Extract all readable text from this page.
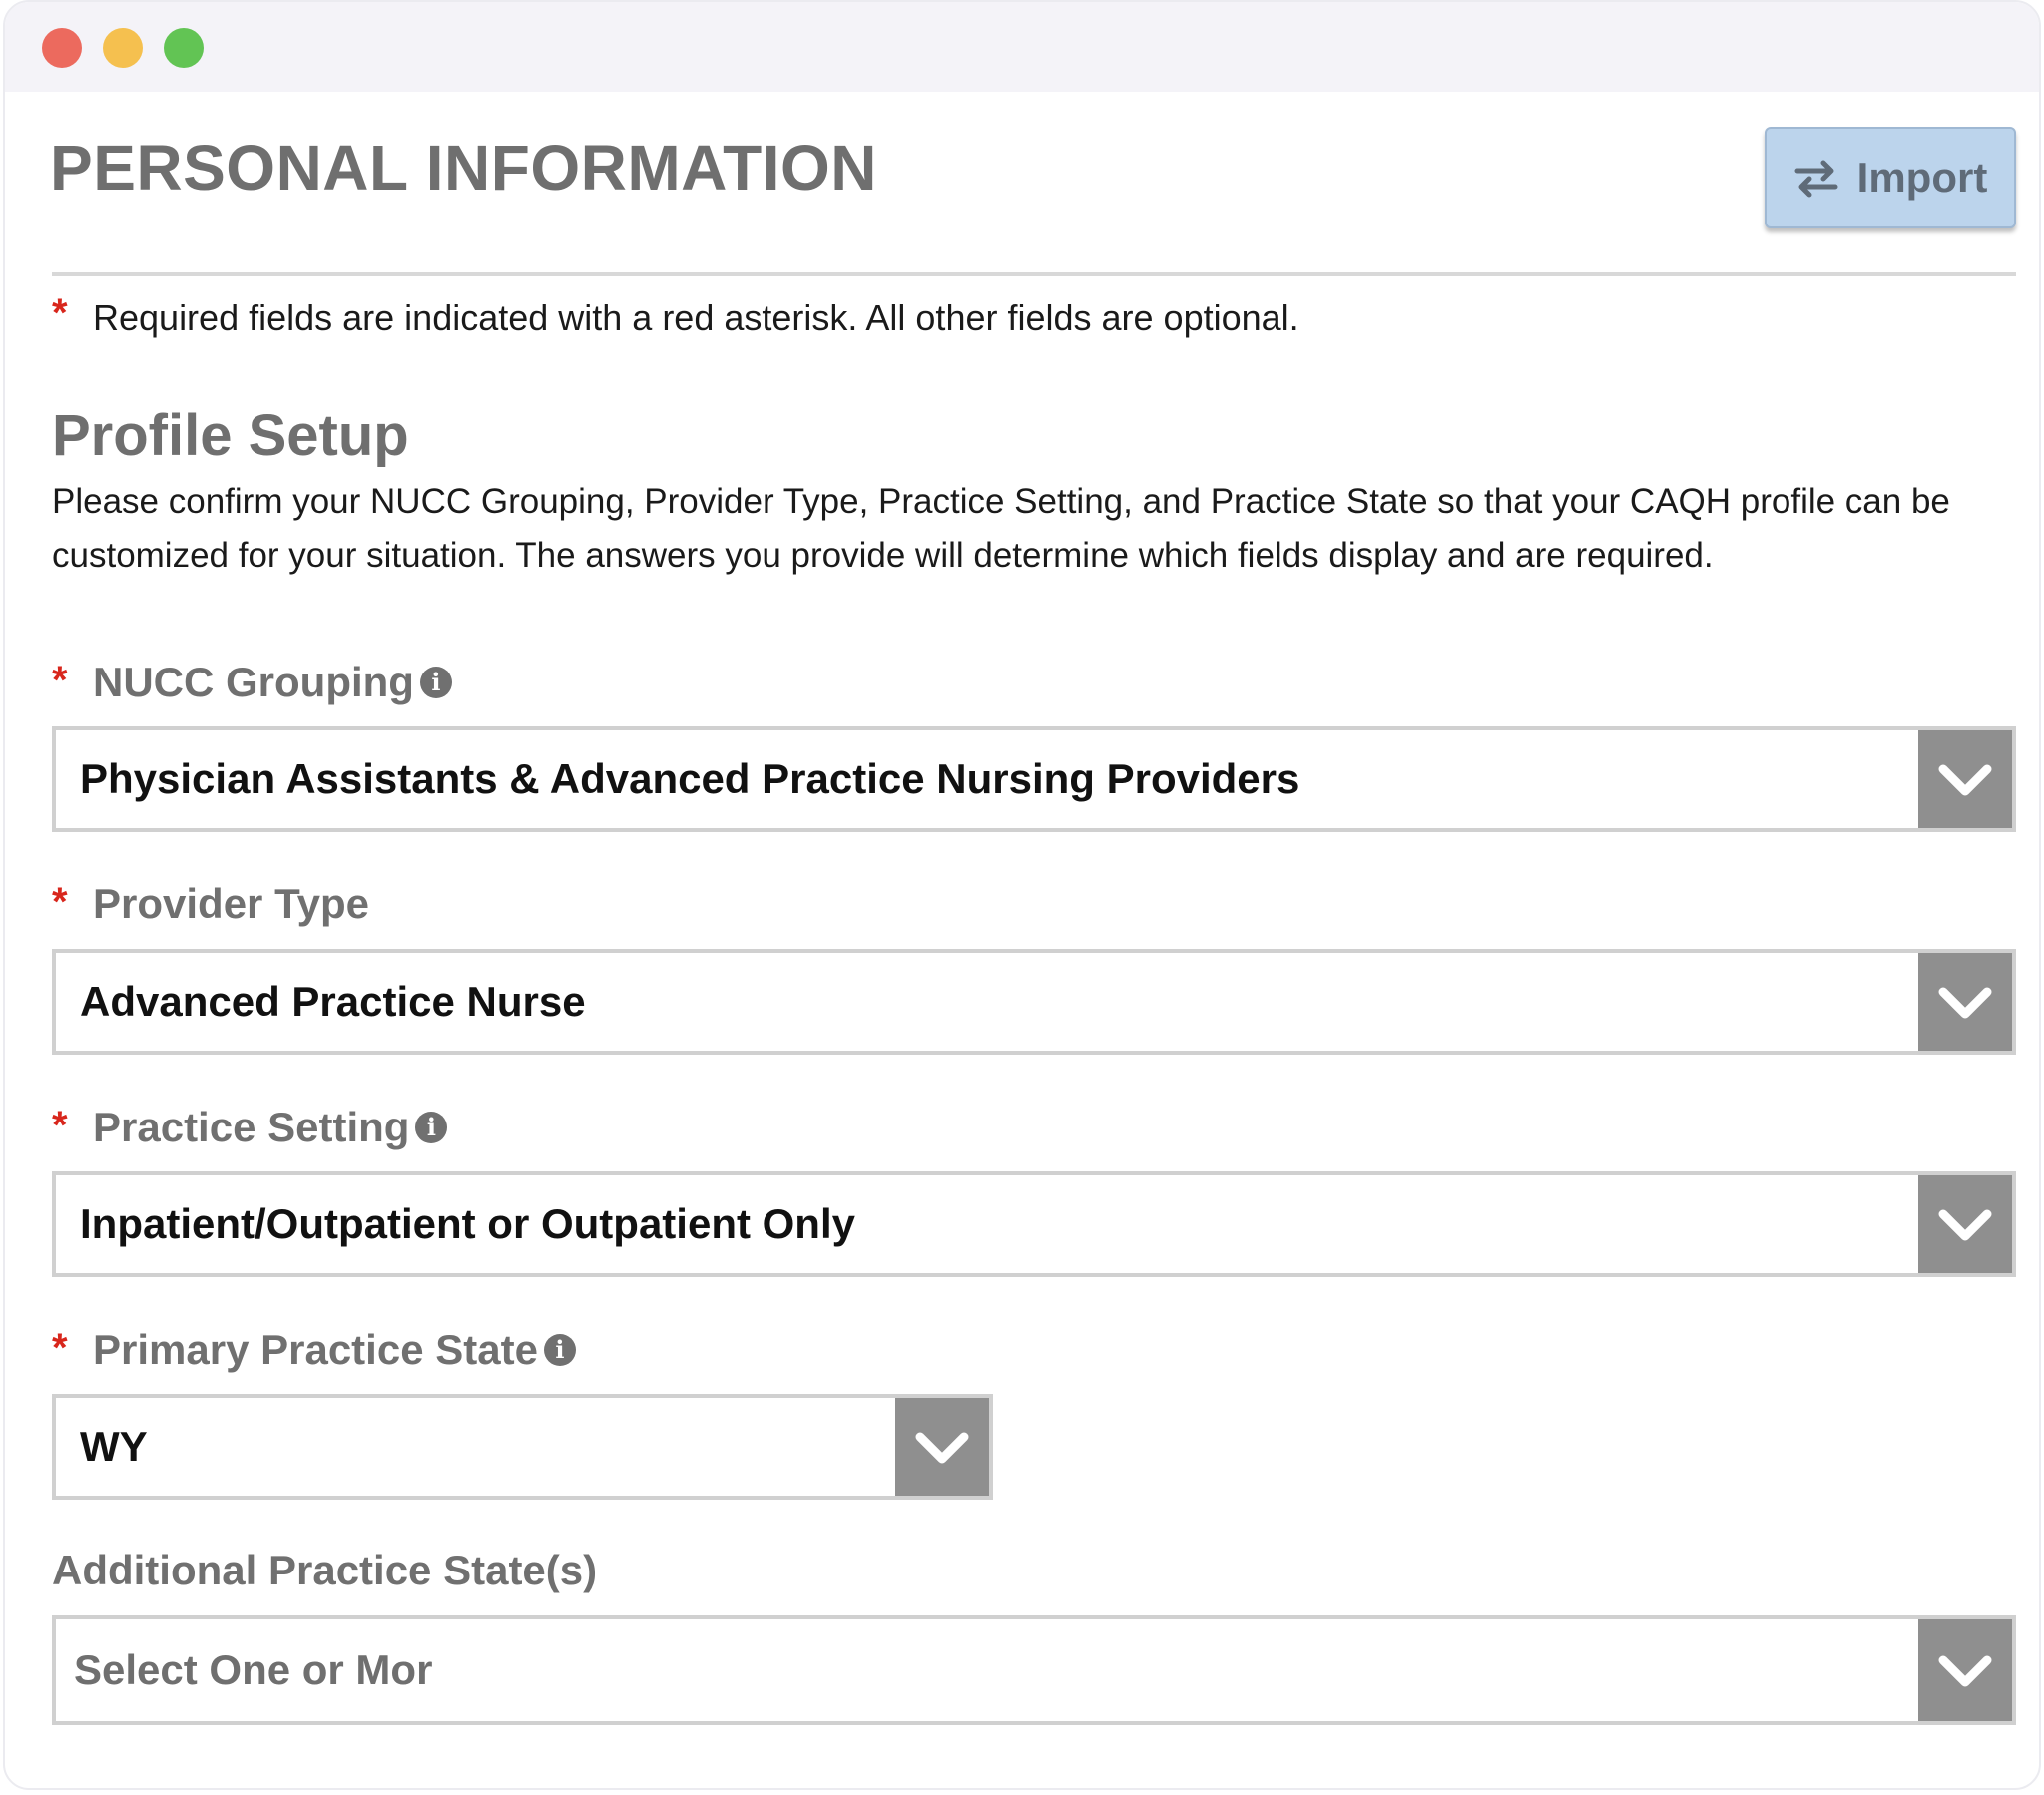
PERSONAL INFORMATION	Import
* Required fields are indicated with a red asterisk. All other fields are optional.
Profile Setup
Please confirm your NUCC Grouping, Provider Type, Practice Setting, and Practice State so that your CAQH profile can be customized for your situation. The answers you provide will determine which fields display and are required.
* NUCC Grouping i
Physician Assistants & Advanced Practice Nursing Providers
* Provider Type
Advanced Practice Nurse
* Practice Setting i
Inpatient/Outpatient or Outpatient Only
* Primary Practice State i
WY
Additional Practice State(s)
Select One or Mor
